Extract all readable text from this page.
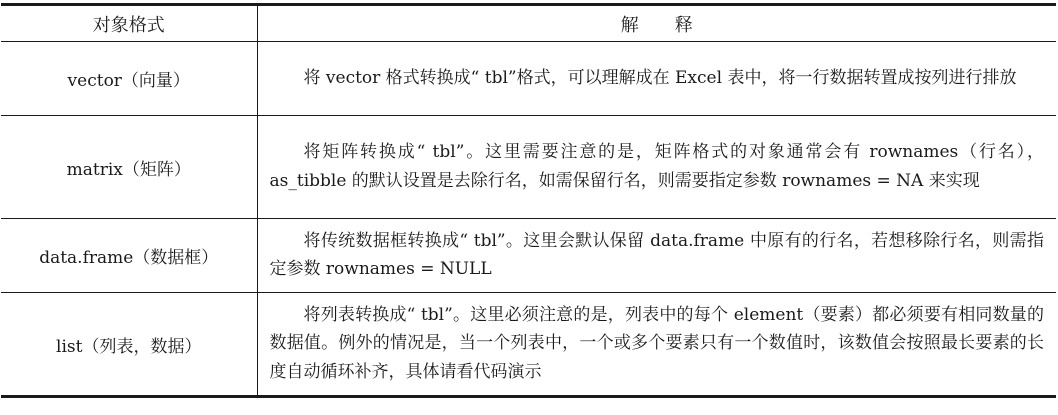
对象格式	解释
vector（向量）	将 vector 格式转换成“ tbl”格式，可以理解成在 Excel 表中，将一行数据转置成按列进行排放

matrix（矩阵）	将矩阵转换成“ tbl”。这里需要注意的是，矩阵格式的对象通常会有 rownames（行名），as_tibble 的默认设置是去除行名，如需保留行名，则需要指定参数 rownames = NA 来实现

data.frame（数据框）	将传统数据框转换成“ tbl”。这里会默认保留 data.frame 中原有的行名，若想移除行名，则需指定参数 rownames = NULL

list（列表，数据）	将列表转换成“ tbl”。这里必须注意的是，列表中的每个 element（要素）都必须要有相同数量的数据值。例外的情况是，当一个列表中，一个或多个要素只有一个数值时，该数值会按照最长要素的长度自动循环补齐，具体请看代码演示
